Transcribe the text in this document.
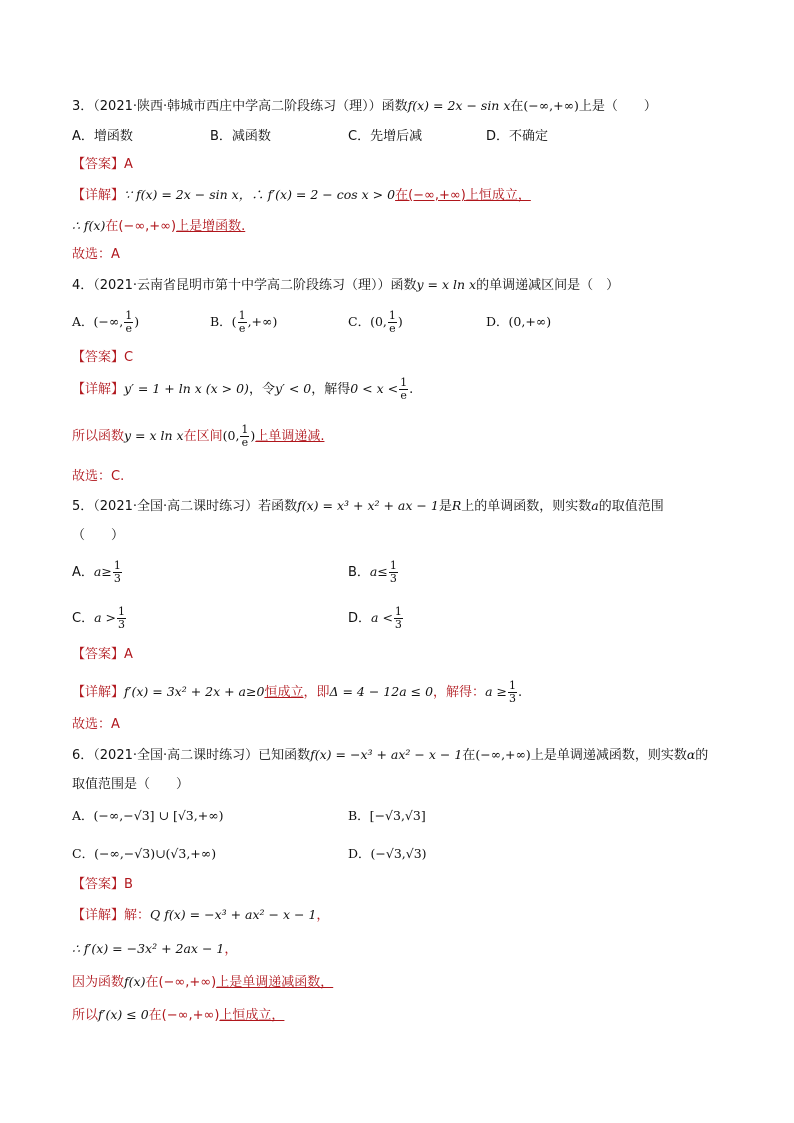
3．（2021·陕西·韩城市西庄中学高二阶段练习（理））函数f(x) = 2x − sin x在(−∞,+∞)上是（　　）
A．增函数	B．减函数	C．先增后减	D．不确定
【答案】A
【详解】∵ f(x) = 2x − sin x，∴ f′(x) = 2 − cos x > 0在(−∞,+∞)上恒成立，
∴ f(x)在(−∞,+∞)上是增函数.
故选：A
4．（2021·云南省昆明市第十中学高二阶段练习（理））函数y = x ln x的单调递减区间是（　）
A．(−∞, $\frac{1}{e}$ )	B．( $\frac{1}{e}$ ,+∞)	C．(0, $\frac{1}{e}$ )	D．(0,+∞)
【答案】C
【详解】y′ = 1 + ln x (x > 0)，令y′ < 0，解得$0 < x < \frac{1}{e}$ .
所以函数y = x ln x在区间(0, $\frac{1}{e}$ )上单调递减.
故选：C.
5．（2021·全国·高二课时练习）若函数f(x) = x³ + x² + ax − 1是R上的单调函数，则实数a的取值范围
（　　）
A．$a\ge \frac{1}{3}$	B．$a\le \frac{1}{3}$
C．$a > \frac{1}{3}$	D．$a < \frac{1}{3}$
【答案】A
【详解】f′(x) = 3x² + 2x + a≥0恒成立，即Δ = 4 − 12a ≤ 0，解得：$a \ge \frac{1}{3}$ .
故选：A
6．（2021·全国·高二课时练习）已知函数f(x) = −x³ + ax² − x − 1在(−∞,+∞)上是单调递减函数，则实数α的
取值范围是（　　）
A．(−∞,−√3] ∪ [√3,+∞)	B．[−√3,√3]
C．(−∞,−√3)∪(√3,+∞)	D．(−√3,√3)
【答案】B
【详解】解：Q f(x) = −x³ + ax² − x − 1，
∴ f′(x) = −3x² + 2ax − 1，
因为函数f(x)在(−∞,+∞)上是单调递减函数，
所以f′(x) ≤ 0在(−∞,+∞)上恒成立，
